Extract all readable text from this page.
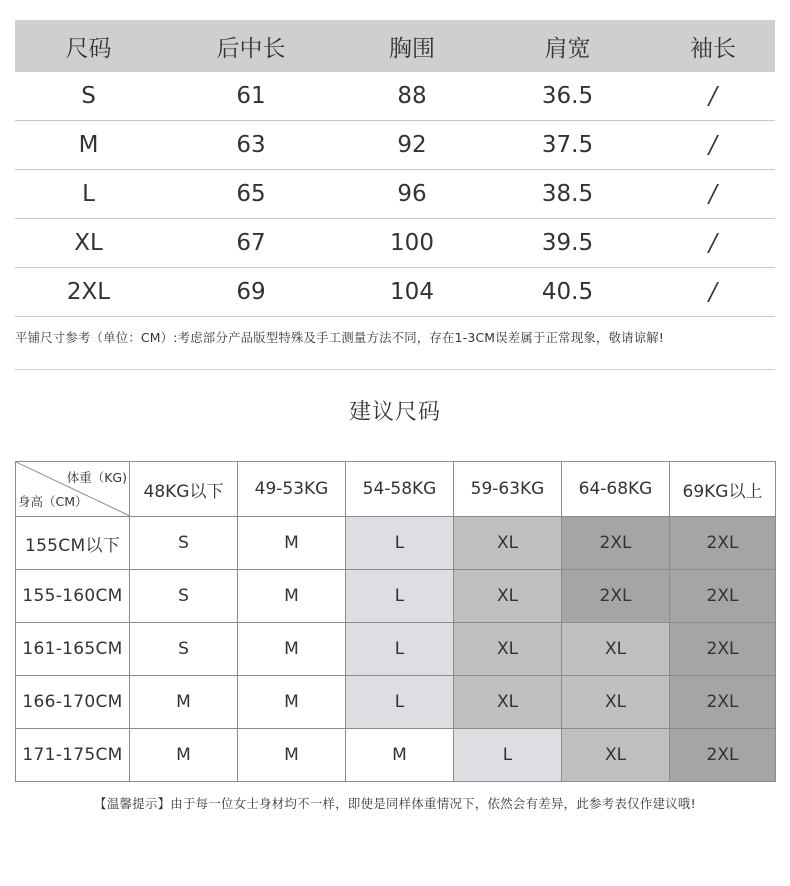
尺码	后中长	胸围	肩宽	袖长
S	61	88	36.5	/
M	63	92	37.5	/
L	65	96	38.5	/
XL	67	100	39.5	/
2XL	69	104	40.5	/
平铺尺寸参考（单位：CM）:考虑部分产品版型特殊及手工测量方法不同，存在1-3CM误差属于正常现象，敬请谅解!
建议尺码
体重（KG)
身高（CM）	48KG以下	49-53KG	54-58KG	59-63KG	64-68KG	69KG以上
155CM以下	S	M	L	XL	2XL	2XL
155-160CM	S	M	L	XL	2XL	2XL
161-165CM	S	M	L	XL	XL	2XL
166-170CM	M	M	L	XL	XL	2XL
171-175CM	M	M	M	L	XL	2XL
【温馨提示】由于每一位女士身材均不一样，即使是同样体重情况下，依然会有差异，此参考表仅作建议哦!
